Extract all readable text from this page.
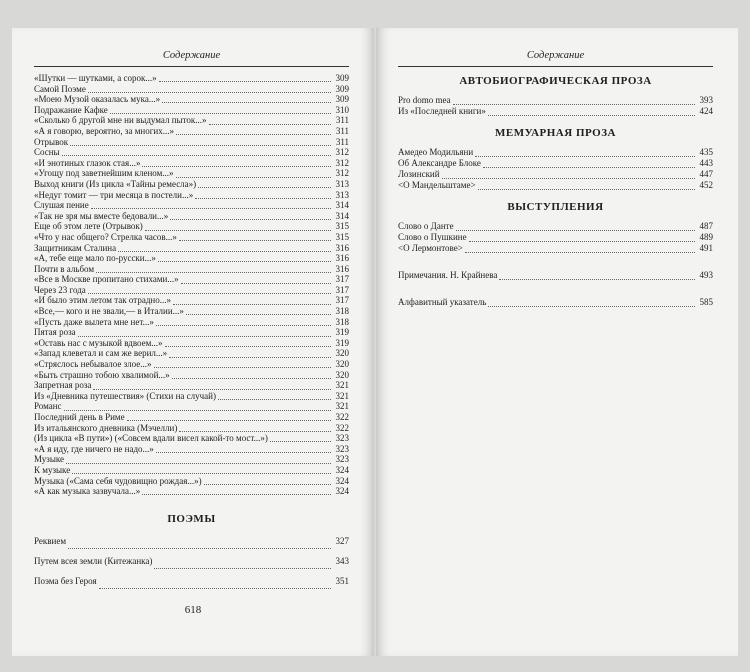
Содержание
«Шутки — шутками, а сорок...»	309
Самой Поэме	309
«Моею Музой оказалась мука...»	309
Подражание Кафке	310
«Сколько б другой мне ни выдумал пыток...»	311
«А я говорю, вероятно, за многих...»	311
Отрывок	311
Сосны	312
«И энотиных глазок стая...»	312
«Угощу под заветнейшим кленом...»	312
Выход книги (Из цикла «Тайны ремесла»)	313
«Недуг томит — три месяца в постели...»	313
Слушая пение	314
«Так не зря мы вместе бедовали...»	314
Еще об этом лете (Отрывок)	315
«Что у нас общего? Стрелка часов...»	315
Защитникам Сталина	316
«А, тебе еще мало по-русски...»	316
Почти в альбом	316
«Все в Москве пропитано стихами...»	317
Через 23 года	317
«И было этим летом так отрадно...»	317
«Все,— кого и не звали,— в Италии...»	318
«Пусть даже вылета мне нет...»	318
Пятая роза	319
«Оставь нас с музыкой вдвоем...»	319
«Запад клеветал и сам же верил...»	320
«Стряслось небывалое злое...»	320
«Быть страшно тобою хвалимой...»	320
Запретная роза	321
Из «Дневника путешествия» (Стихи на случай)	321
Романс	321
Последний день в Риме	322
Из итальянского дневника (Мэчелли)	322
(Из цикла «В пути») («Совсем вдали висел какой-то мост...»)	323
«А я иду, где ничего не надо...»	323
Музыке	323
К музыке	324
Музыка («Сама себя чудовищно рождая...»)	324
«А как музыка зазвучала...»	324
ПОЭМЫ
Реквием	327
Путем всея земли (Китежанка)	343
Поэма без Героя	351
618
Содержание
АВТОБИОГРАФИЧЕСКАЯ ПРОЗА
Pro domo mea	393
Из «Последней книги»	424
МЕМУАРНАЯ ПРОЗА
Амедео Модильяни	435
Об Александре Блоке	443
Лозинский	447
<О Мандельштаме>	452
ВЫСТУПЛЕНИЯ
Слово о Данте	487
Слово о Пушкине	489
<О Лермонтове>	491
Примечания. Н. Крайнева	493
Алфавитный указатель	585
